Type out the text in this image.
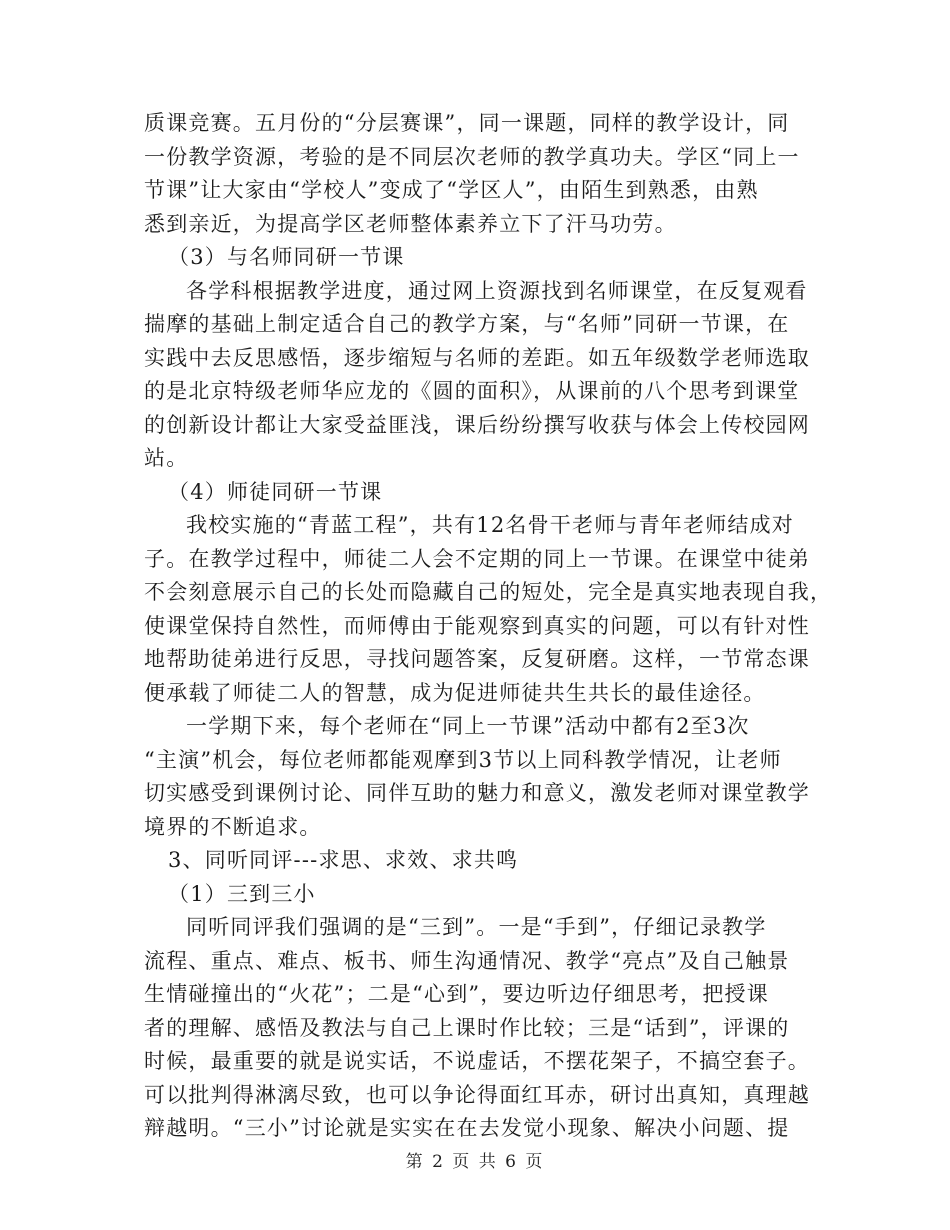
质课竞赛。五月份的“分层赛课”，同一课题，同样的教学设计，同
一份教学资源，考验的是不同层次老师的教学真功夫。学区“同上一
节课”让大家由“学校人”变成了“学区人”，由陌生到熟悉，由熟
悉到亲近，为提高学区老师整体素养立下了汗马功劳。
（3）与名师同研一节课
各学科根据教学进度，通过网上资源找到名师课堂，在反复观看
揣摩的基础上制定适合自己的教学方案，与“名师”同研一节课，在
实践中去反思感悟，逐步缩短与名师的差距。如五年级数学老师选取
的是北京特级老师华应龙的《圆的面积》，从课前的八个思考到课堂
的创新设计都让大家受益匪浅，课后纷纷撰写收获与体会上传校园网
站。
（4）师徒同研一节课
我校实施的“青蓝工程”，共有12名骨干老师与青年老师结成对
子。在教学过程中，师徒二人会不定期的同上一节课。在课堂中徒弟
不会刻意展示自己的长处而隐藏自己的短处，完全是真实地表现自我，
使课堂保持自然性，而师傅由于能观察到真实的问题，可以有针对性
地帮助徒弟进行反思，寻找问题答案，反复研磨。这样，一节常态课
便承载了师徒二人的智慧，成为促进师徒共生共长的最佳途径。
一学期下来，每个老师在“同上一节课”活动中都有2至3次
“主演”机会，每位老师都能观摩到3节以上同科教学情况，让老师
切实感受到课例讨论、同伴互助的魅力和意义，激发老师对课堂教学
境界的不断追求。
3、同听同评---求思、求效、求共鸣
（1）三到三小
同听同评我们强调的是“三到”。一是“手到”，仔细记录教学
流程、重点、难点、板书、师生沟通情况、教学“亮点”及自己触景
生情碰撞出的“火花”；二是“心到”，要边听边仔细思考，把授课
者的理解、感悟及教法与自己上课时作比较；三是“话到”，评课的
时候，最重要的就是说实话，不说虚话，不摆花架子，不搞空套子。
可以批判得淋漓尽致，也可以争论得面红耳赤，研讨出真知，真理越
辩越明。“三小”讨论就是实实在在去发觉小现象、解决小问题、提
第 2 页 共 6 页
